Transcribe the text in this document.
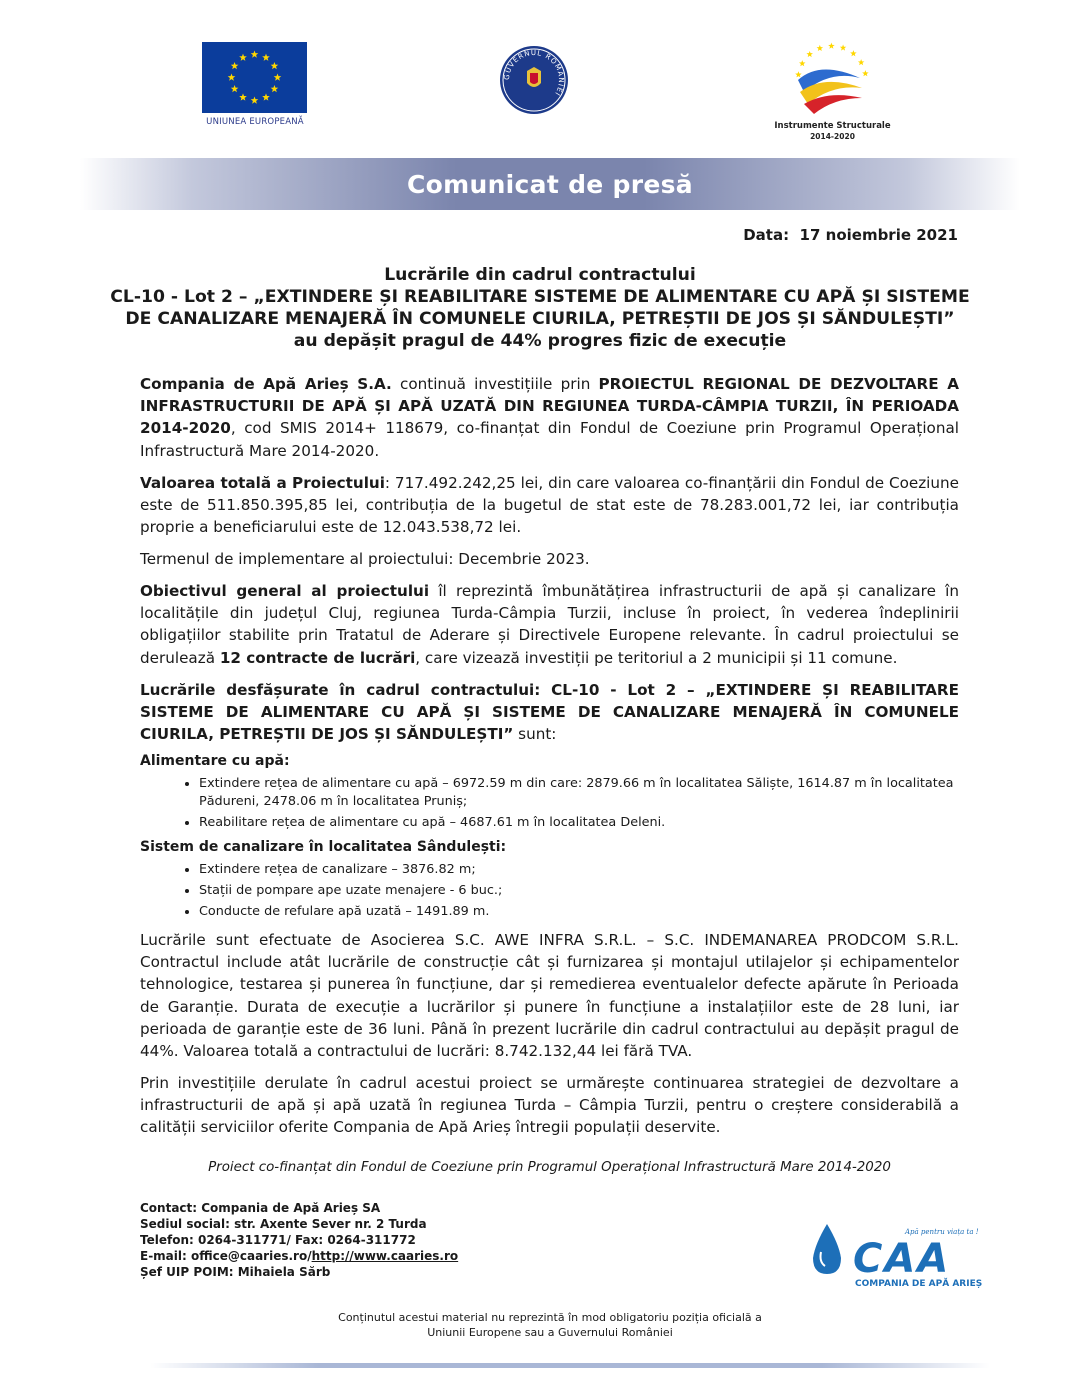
UNIUNEA EUROPEANĂ
GUVERNUL ROMÂNIEI
Instrumente Structurale
2014-2020
Comunicat de presă
Data: 17 noiembrie 2021
Lucrările din cadrul contractului
CL-10 - Lot 2 – „EXTINDERE ȘI REABILITARE SISTEME DE ALIMENTARE CU APĂ ȘI SISTEME DE CANALIZARE MENAJERĂ ÎN COMUNELE CIURILA, PETREȘTII DE JOS ȘI SĂNDULEȘTI”
au depășit pragul de 44% progres fizic de execuție
Compania de Apă Arieș S.A. continuă investițiile prin PROIECTUL REGIONAL DE DEZVOLTARE A INFRASTRUCTURII DE APĂ ȘI APĂ UZATĂ DIN REGIUNEA TURDA-CÂMPIA TURZII, ÎN PERIOADA 2014-2020, cod SMIS 2014+ 118679, co-finanțat din Fondul de Coeziune prin Programul Operațional Infrastructură Mare 2014-2020.
Valoarea totală a Proiectului: 717.492.242,25 lei, din care valoarea co-finanțării din Fondul de Coeziune este de 511.850.395,85 lei, contribuția de la bugetul de stat este de 78.283.001,72 lei, iar contribuția proprie a beneficiarului este de 12.043.538,72 lei.
Termenul de implementare al proiectului: Decembrie 2023.
Obiectivul general al proiectului îl reprezintă îmbunătățirea infrastructurii de apă și canalizare în localitățile din județul Cluj, regiunea Turda-Câmpia Turzii, incluse în proiect, în vederea îndeplinirii obligațiilor stabilite prin Tratatul de Aderare și Directivele Europene relevante. În cadrul proiectului se derulează 12 contracte de lucrări, care vizează investiții pe teritoriul a 2 municipii și 11 comune.
Lucrările desfășurate în cadrul contractului: CL-10 - Lot 2 – „EXTINDERE ȘI REABILITARE SISTEME DE ALIMENTARE CU APĂ ȘI SISTEME DE CANALIZARE MENAJERĂ ÎN COMUNELE CIURILA, PETREȘTII DE JOS ȘI SĂNDULEȘTI” sunt:
Alimentare cu apă:
• Extindere rețea de alimentare cu apă – 6972.59 m din care: 2879.66 m în localitatea Săliște, 1614.87 m în localitatea Pădureni, 2478.06 m în localitatea Pruniș;
• Reabilitare rețea de alimentare cu apă – 4687.61 m în localitatea Deleni.
Sistem de canalizare în localitatea Sândulești:
• Extindere rețea de canalizare – 3876.82 m;
• Stații de pompare ape uzate menajere - 6 buc.;
• Conducte de refulare apă uzată – 1491.89 m.
Lucrările sunt efectuate de Asocierea S.C. AWE INFRA S.R.L. – S.C. INDEMANAREA PRODCOM S.R.L. Contractul include atât lucrările de construcție cât și furnizarea și montajul utilajelor și echipamentelor tehnologice, testarea și punerea în funcțiune, dar și remedierea eventualelor defecte apărute în Perioada de Garanție. Durata de execuție a lucrărilor și punere în funcțiune a instalațiilor este de 28 luni, iar perioada de garanție este de 36 luni. Până în prezent lucrările din cadrul contractului au depășit pragul de 44%. Valoarea totală a contractului de lucrări: 8.742.132,44 lei fără TVA.
Prin investițiile derulate în cadrul acestui proiect se urmărește continuarea strategiei de dezvoltare a infrastructurii de apă și apă uzată în regiunea Turda – Câmpia Turzii, pentru o creștere considerabilă a calității serviciilor oferite Compania de Apă Arieș întregii populații deservite.
Proiect co-finanțat din Fondul de Coeziune prin Programul Operațional Infrastructură Mare 2014-2020
Contact: Compania de Apă Arieș SA
Sediul social: str. Axente Sever nr. 2 Turda
Telefon: 0264-311771/ Fax: 0264-311772
E-mail: office@caaries.ro/http://www.caaries.ro
Șef UIP POIM: Mihaiela Sărb
Apă pentru viața ta !
CAA
COMPANIA DE APĂ ARIEȘ
Conținutul acestui material nu reprezintă în mod obligatoriu poziția oficială a
Uniunii Europene sau a Guvernului României
